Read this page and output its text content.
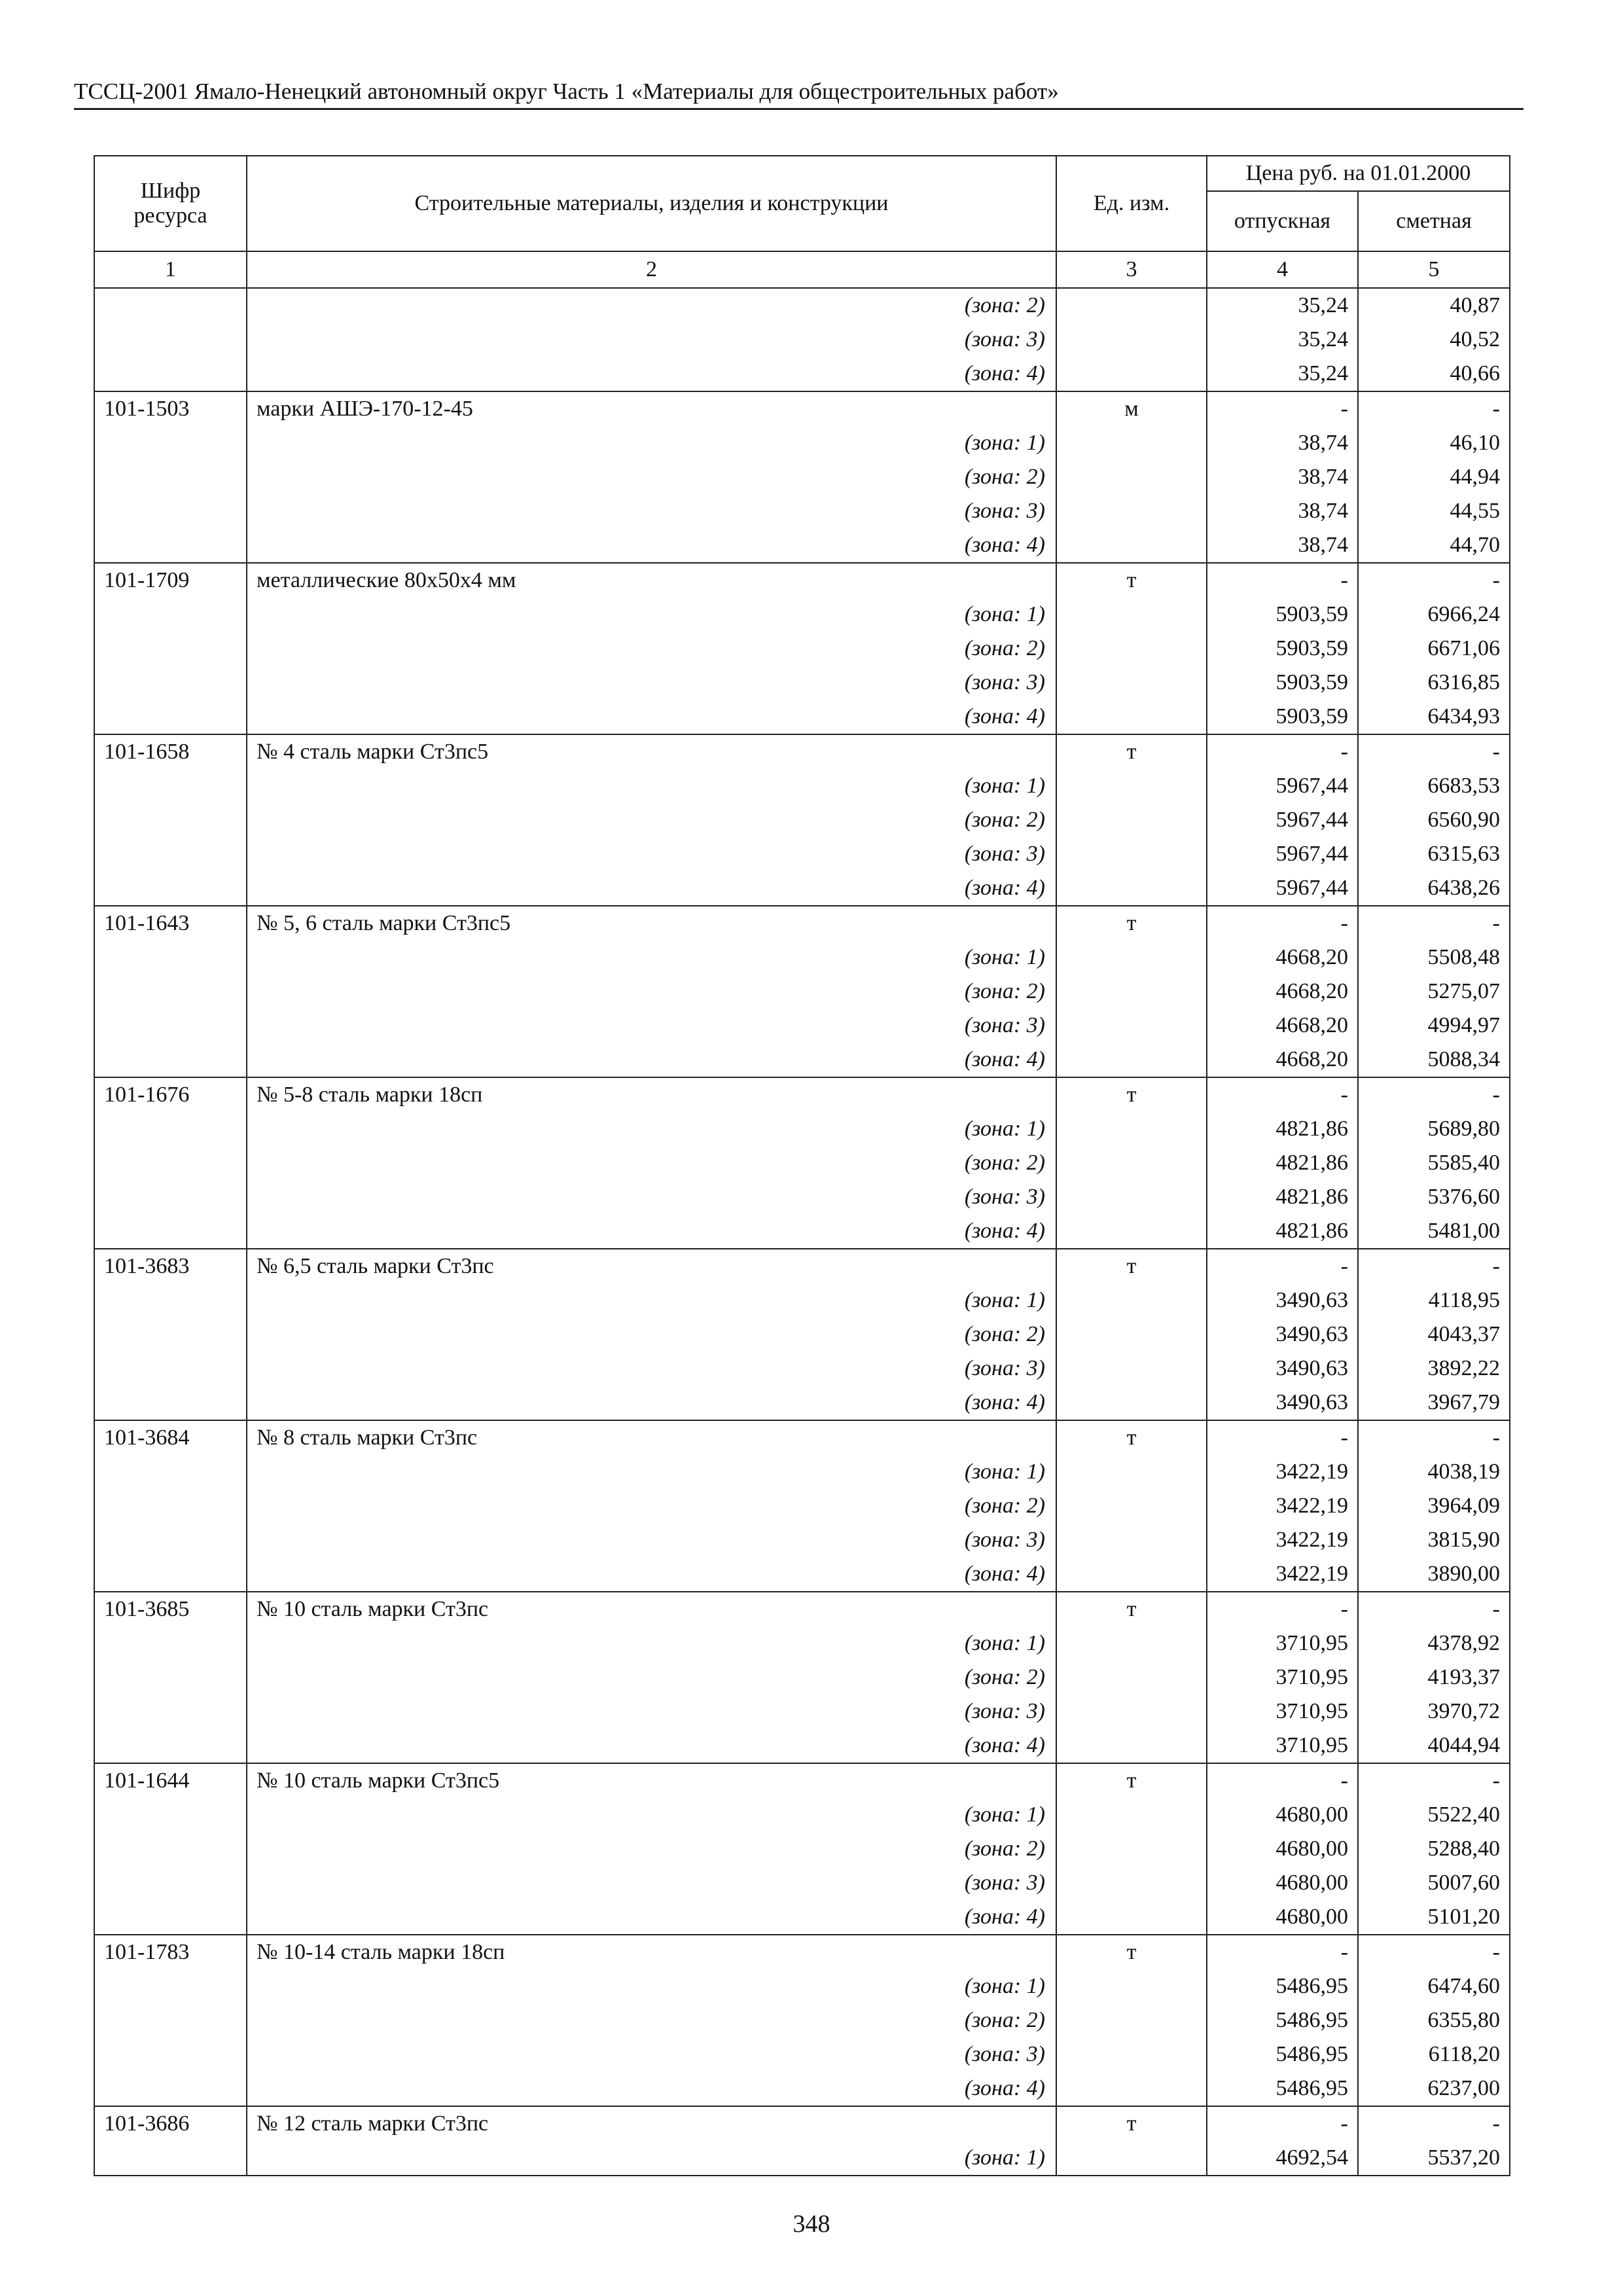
ТССЦ-2001 Ямало-Ненецкий автономный округ Часть 1 «Материалы для общестроительных работ»
Шифр ресурса	Строительные материалы, изделия и конструкции	Ед. изм.	Цена руб. на 01.01.2000	
			отпускная	сметная
1	2	3	4	5
	(зона: 2)		35,24	40,87
	(зона: 3)		35,24	40,52
	(зона: 4)		35,24	40,66
101-1503	марки АШЭ-170-12-45	м	-	-
	(зона: 1)		38,74	46,10
	(зона: 2)		38,74	44,94
	(зона: 3)		38,74	44,55
	(зона: 4)		38,74	44,70
101-1709	металлические 80х50х4 мм	т	-	-
	(зона: 1)		5903,59	6966,24
	(зона: 2)		5903,59	6671,06
	(зона: 3)		5903,59	6316,85
	(зона: 4)		5903,59	6434,93
101-1658	№ 4 сталь марки Ст3пс5	т	-	-
	(зона: 1)		5967,44	6683,53
	(зона: 2)		5967,44	6560,90
	(зона: 3)		5967,44	6315,63
	(зона: 4)		5967,44	6438,26
101-1643	№ 5, 6 сталь марки Ст3пс5	т	-	-
	(зона: 1)		4668,20	5508,48
	(зона: 2)		4668,20	5275,07
	(зона: 3)		4668,20	4994,97
	(зона: 4)		4668,20	5088,34
101-1676	№ 5-8 сталь марки 18сп	т	-	-
	(зона: 1)		4821,86	5689,80
	(зона: 2)		4821,86	5585,40
	(зона: 3)		4821,86	5376,60
	(зона: 4)		4821,86	5481,00
101-3683	№ 6,5 сталь марки Ст3пс	т	-	-
	(зона: 1)		3490,63	4118,95
	(зона: 2)		3490,63	4043,37
	(зона: 3)		3490,63	3892,22
	(зона: 4)		3490,63	3967,79
101-3684	№ 8 сталь марки Ст3пс	т	-	-
	(зона: 1)		3422,19	4038,19
	(зона: 2)		3422,19	3964,09
	(зона: 3)		3422,19	3815,90
	(зона: 4)		3422,19	3890,00
101-3685	№ 10 сталь марки Ст3пс	т	-	-
	(зона: 1)		3710,95	4378,92
	(зона: 2)		3710,95	4193,37
	(зона: 3)		3710,95	3970,72
	(зона: 4)		3710,95	4044,94
101-1644	№ 10 сталь марки Ст3пс5	т	-	-
	(зона: 1)		4680,00	5522,40
	(зона: 2)		4680,00	5288,40
	(зона: 3)		4680,00	5007,60
	(зона: 4)		4680,00	5101,20
101-1783	№ 10-14 сталь марки 18сп	т	-	-
	(зона: 1)		5486,95	6474,60
	(зона: 2)		5486,95	6355,80
	(зона: 3)		5486,95	6118,20
	(зона: 4)		5486,95	6237,00
101-3686	№ 12 сталь марки Ст3пс	т	-	-
	(зона: 1)		4692,54	5537,20
348
